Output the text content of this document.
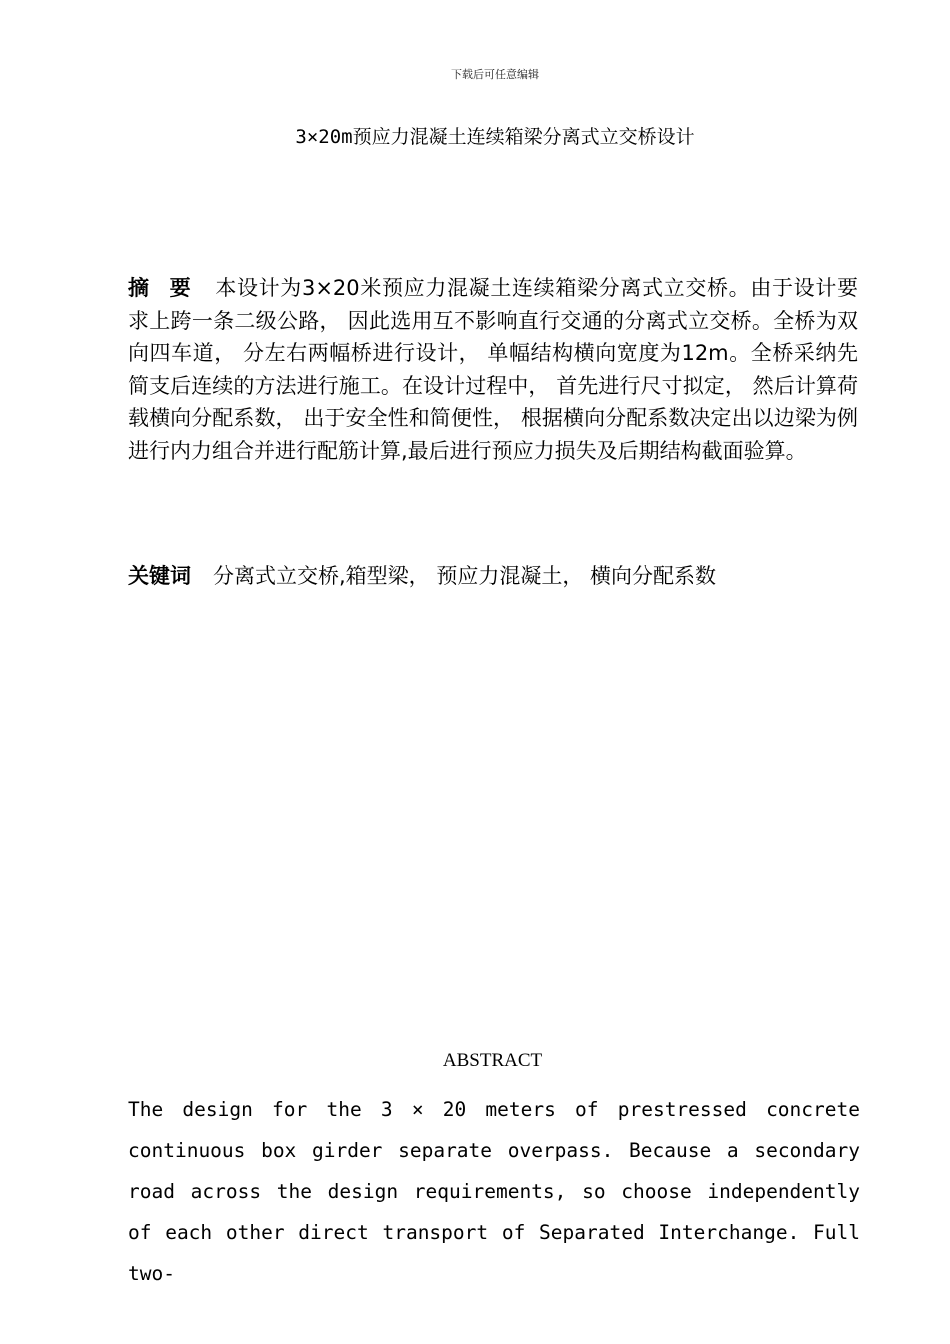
下载后可任意编辑
3×20m预应力混凝土连续箱梁分离式立交桥设计
摘 要 本设计为3×20米预应力混凝土连续箱梁分离式立交桥。由于设计要求上跨一条二级公路， 因此选用互不影响直行交通的分离式立交桥。全桥为双向四车道， 分左右两幅桥进行设计， 单幅结构横向宽度为12m。全桥采纳先简支后连续的方法进行施工。在设计过程中， 首先进行尺寸拟定， 然后计算荷载横向分配系数， 出于安全性和简便性， 根据横向分配系数决定出以边梁为例进行内力组合并进行配筋计算,最后进行预应力损失及后期结构截面验算。
关键词 分离式立交桥,箱型梁， 预应力混凝土， 横向分配系数
ABSTRACT
The design for the 3 × 20 meters of prestressed concrete continuous box girder separate overpass. Because a secondary road across the design requirements, so choose independently of each other direct transport of Separated Interchange. Full two-
